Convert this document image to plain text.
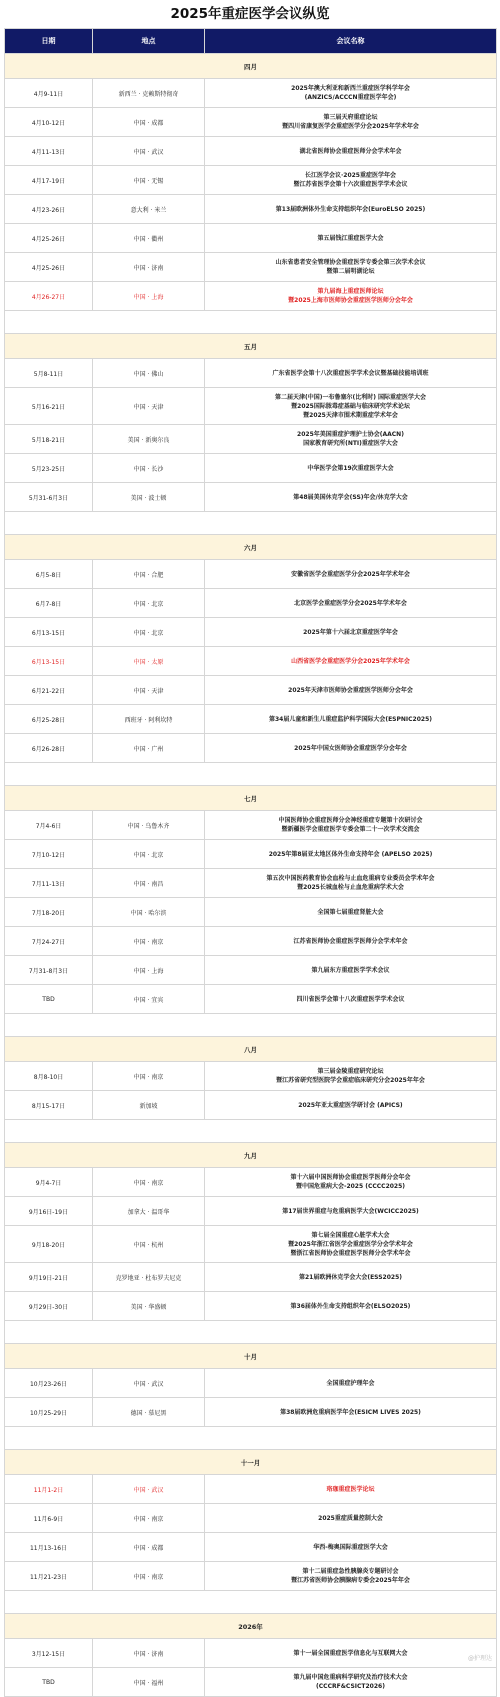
2025年重症医学会议纵览
日期	地点	会议名称
四月		
4月9-11日	新西兰 · 克赖斯特彻奇	2025年澳大利亚和新西兰重症医学科学年会
(ANZICS/ACCCN重症医学年会)

4月10-12日	中国 · 成都	第三届天府重症论坛
暨四川省康复医学会重症医学分会2025年学术年会

4月11-13日	中国 · 武汉	湖北省医师协会重症医师分会学术年会

4月17-19日	中国 · 无锡	长江医学会议·2025重症医学年会
暨江苏省医学会第十六次重症医学学术会议

4月23-26日	意大利 · 米兰	第13届欧洲体外生命支持组织年会(EuroELSO 2025)

4月25-26日	中国 · 衢州	第五届钱江重症医学大会

4月25-26日	中国 · 济南	山东省患者安全管理协会重症医学专委会第三次学术会议
暨第二届明湖论坛

4月26-27日	中国 · 上海	第九届海上重症医师论坛
暨2025上海市医师协会重症医学医师分会年会

五月		
5月8-11日	中国 · 佛山	广东省医学会第十八次重症医学学术会议暨基础技能培训班

5月16-21日	中国 · 天津	第二届天津(中国)一布鲁塞尔(比利时) 国际重症医学大会
暨2025国际脓毒症基础与临床研究学术论坛
暨2025天津市围术期重症学术年会

5月18-21日	美国 · 新奥尔良	2025年美国重症护理护士协会(AACN)
国家教育研究所(NTI)重症医学大会

5月23-25日	中国 · 长沙	中华医学会第19次重症医学大会

5月31-6月3日	美国 · 波士顿	第48届美国休克学会(SS)年会/休克学大会

六月		
6月5-8日	中国 · 合肥	安徽省医学会重症医学分会2025年学术年会

6月7-8日	中国 · 北京	北京医学会重症医学分会2025年学术年会

6月13-15日	中国 · 北京	2025年第十六届北京重症医学年会

6月13-15日	中国 · 太原	山西省医学会重症医学分会2025年学术年会

6月21-22日	中国 · 天津	2025年天津市医师协会重症医学医师分会年会

6月25-28日	西班牙 · 阿利坎特	第34届儿童和新生儿重症监护科学国际大会(ESPNIC2025)

6月26-28日	中国 · 广州	2025年中国女医师协会重症医学分会年会

七月		
7月4-6日	中国 · 乌鲁木齐	中国医师协会重症医师分会神经重症专题第十次研讨会
暨新疆医学会重症医学专委会第二十一次学术交流会

7月10-12日	中国 · 北京	2025年第8届亚太地区体外生命支持年会 (APELSO 2025)

7月11-13日	中国 · 南昌	第五次中国医药教育协会血栓与止血危重病专业委员会学术年会
暨2025长城血栓与止血危重病学术大会

7月18-20日	中国 · 哈尔滨	全国第七届重症肾脏大会

7月24-27日	中国 · 南京	江苏省医师协会重症医学医师分会学术年会

7月31-8月3日	中国 · 上海	第九届东方重症医学学术会议

TBD	中国 · 宜宾	四川省医学会第十八次重症医学学术会议

八月		
8月8-10日	中国 · 南京	第三届金陵重症研究论坛
暨江苏省研究型医院学会重症临床研究分会2025年年会

8月15-17日	新加坡	2025年亚太重症医学研讨会 (APICS)

九月		
9月4-7日	中国 · 南京	第十六届中国医师协会重症医学医师分会年会
暨中国危重病大会-2025 (CCCC2025)

9月16日-19日	加拿大 · 温哥华	第17届世界重症与危重病医学大会(WCICC2025)

9月18-20日	中国 · 杭州	第七届全国重症心脏学术大会
暨2025年浙江省医学会重症医学分会学术年会
暨浙江省医师协会重症医学医师分会学术年会

9月19日-21日	克罗地亚 · 杜布罗夫尼克	第21届欧洲休克学会大会(ESS2025)

9月29日-30日	美国 · 华盛顿	第36届体外生命支持组织年会(ELSO2025)

十月		
10月23-26日	中国 · 武汉	全国重症护理年会

10月25-29日	德国 · 慕尼黑	第38届欧洲危重病医学年会(ESICM LIVES 2025)

十一月		
11月1-2日	中国 · 武汉	珞珈重症医学论坛

11月6-9日	中国 · 南京	2025重症质量控制大会

11月13-16日	中国 · 成都	华西-梅奥国际重症医学大会

11月21-23日	中国 · 南京	第十二届重症急性胰腺炎专题研讨会
暨江苏省医师协会胰腺病专委会2025年年会

2026年		
3月12-15日	中国 · 济南	第十一届全国重症医学信息化与互联网大会

TBD	中国 · 福州	第九届中国危重病科学研究及治疗技术大会
(CCCRF&CSICT2026)
@护理达
